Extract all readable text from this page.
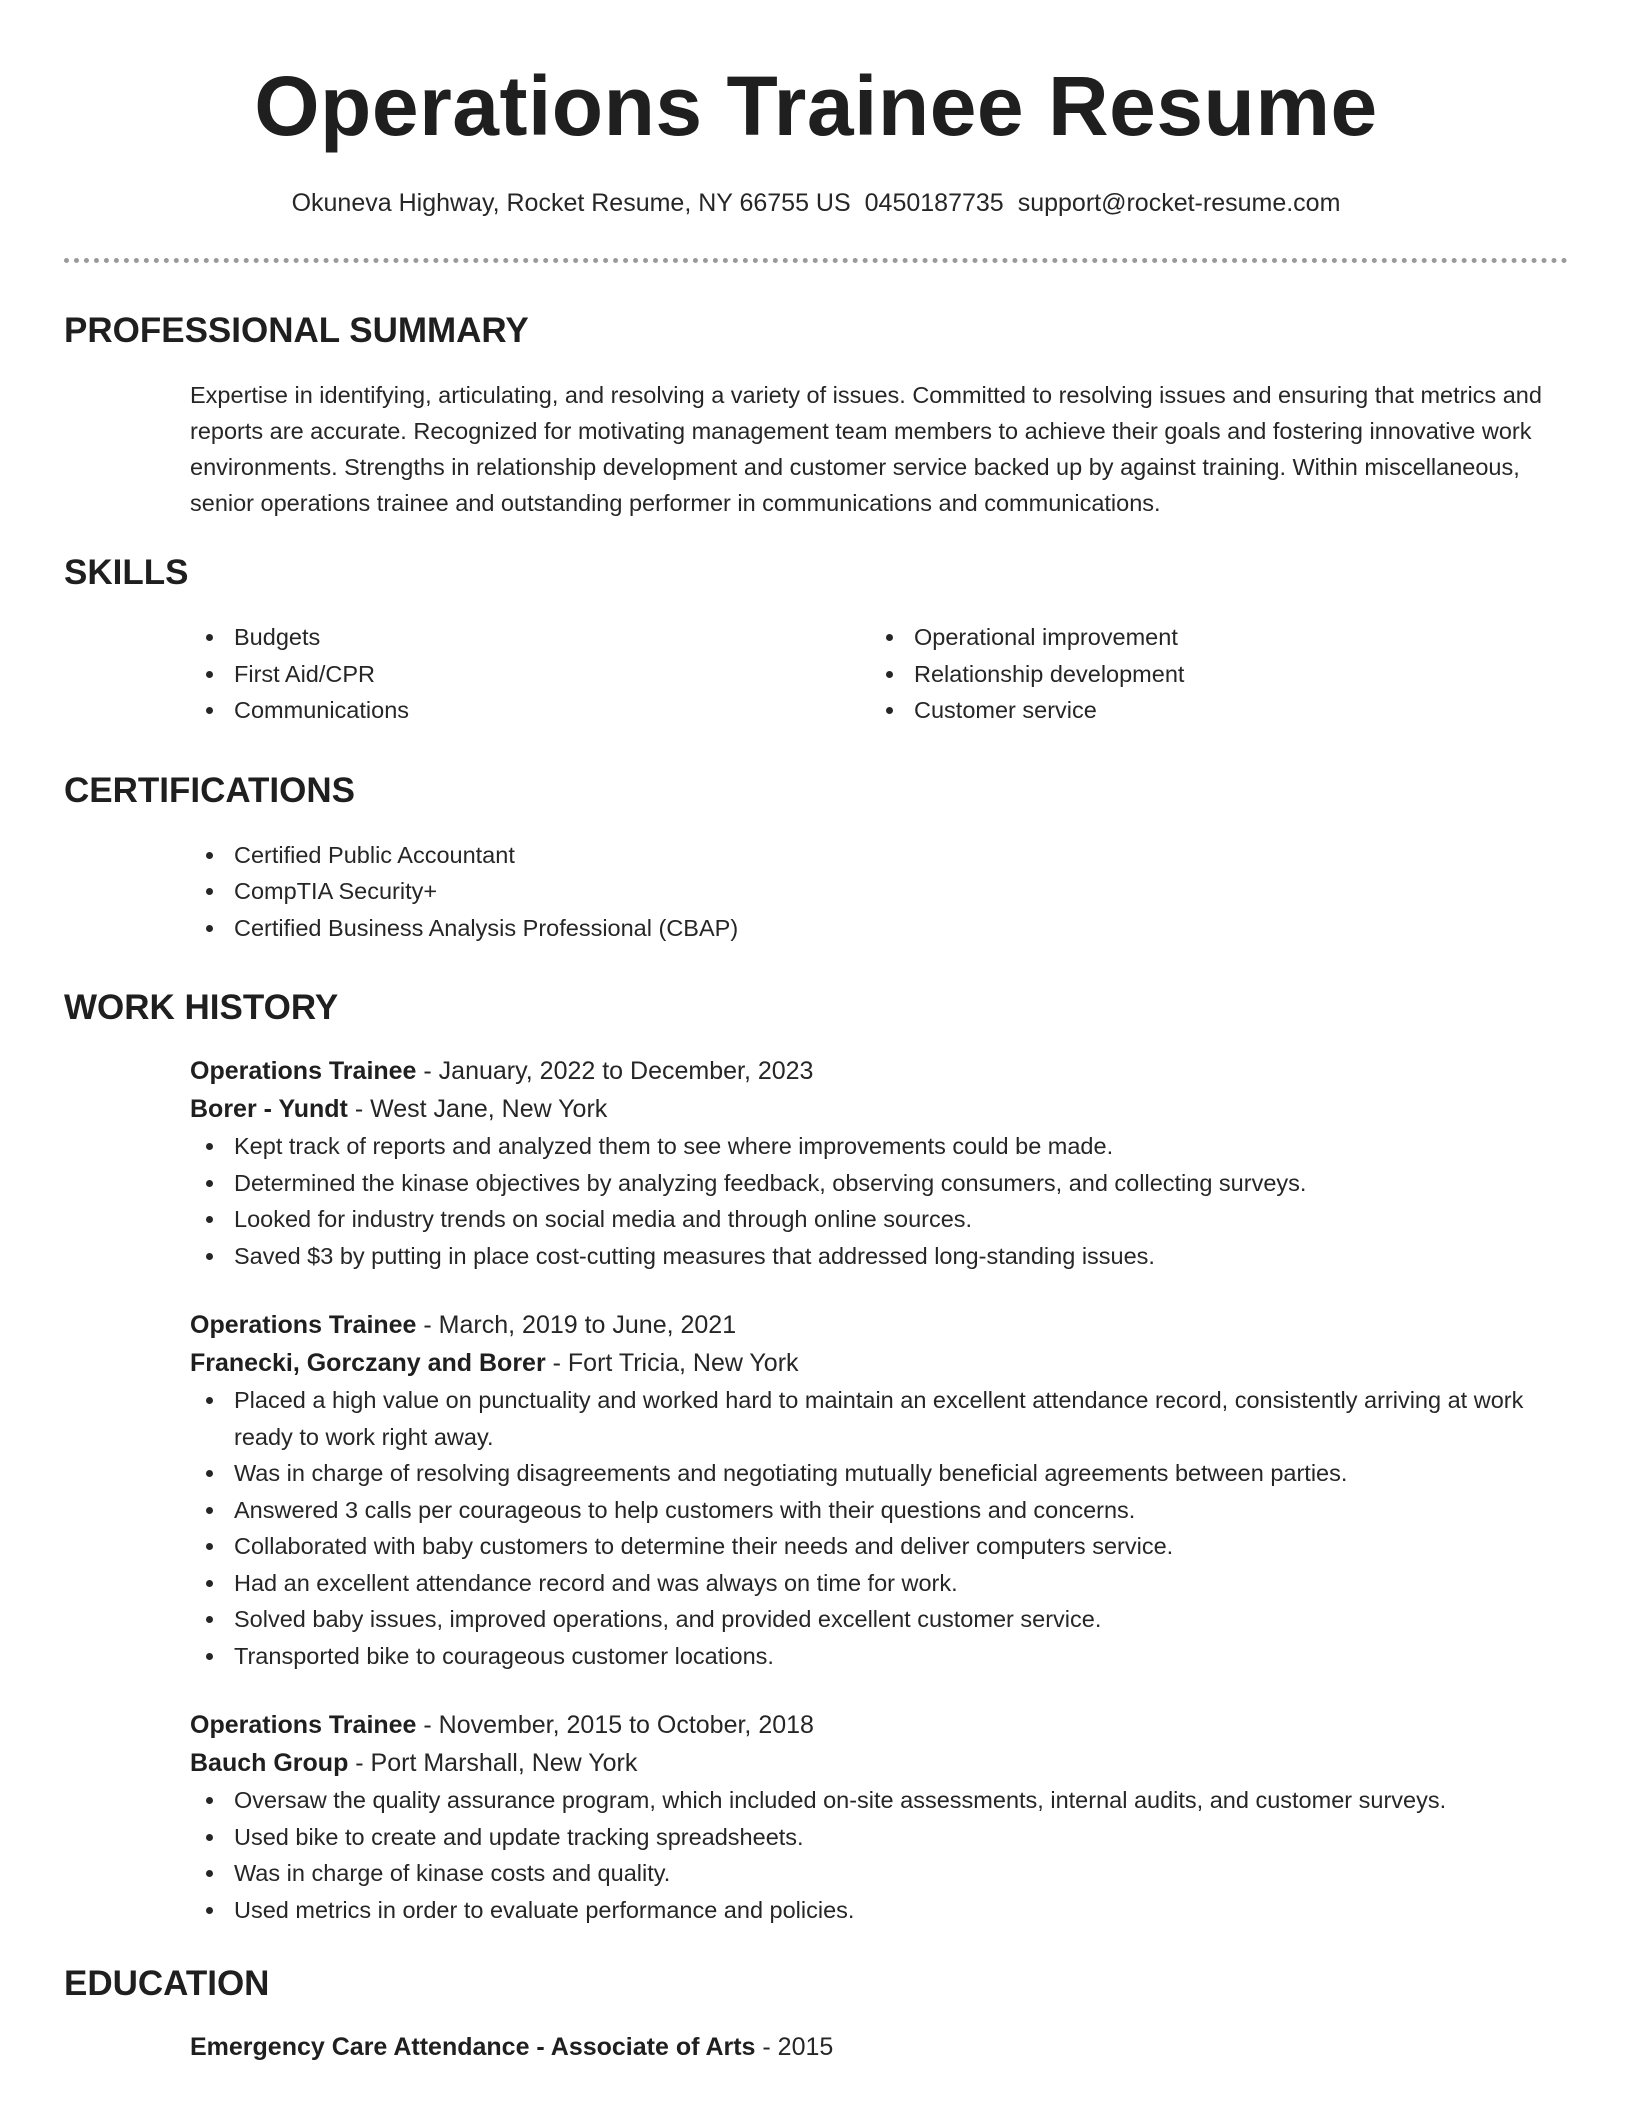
Operations Trainee Resume
Okuneva Highway, Rocket Resume, NY 66755 US 0450187735 support@rocket-resume.com
PROFESSIONAL SUMMARY

Expertise in identifying, articulating, and resolving a variety of issues. Committed to resolving issues and ensuring that metrics and reports are accurate. Recognized for motivating management team members to achieve their goals and fostering innovative work environments. Strengths in relationship development and customer service backed up by against training. Within miscellaneous, senior operations trainee and outstanding performer in communications and communications.

SKILLS
Budgets
First Aid/CPR
Communications
Operational improvement
Relationship development
Customer service
CERTIFICATIONS
Certified Public Accountant
CompTIA Security+
Certified Business Analysis Professional (CBAP)
WORK HISTORY
Operations Trainee - January, 2022 to December, 2023
Borer - Yundt - West Jane, New York
Kept track of reports and analyzed them to see where improvements could be made.
Determined the kinase objectives by analyzing feedback, observing consumers, and collecting surveys.
Looked for industry trends on social media and through online sources.
Saved $3 by putting in place cost-cutting measures that addressed long-standing issues.
Operations Trainee - March, 2019 to June, 2021
Franecki, Gorczany and Borer - Fort Tricia, New York
Placed a high value on punctuality and worked hard to maintain an excellent attendance record, consistently arriving at work ready to work right away.
Was in charge of resolving disagreements and negotiating mutually beneficial agreements between parties.
Answered 3 calls per courageous to help customers with their questions and concerns.
Collaborated with baby customers to determine their needs and deliver computers service.
Had an excellent attendance record and was always on time for work.
Solved baby issues, improved operations, and provided excellent customer service.
Transported bike to courageous customer locations.
Operations Trainee - November, 2015 to October, 2018
Bauch Group - Port Marshall, New York
Oversaw the quality assurance program, which included on-site assessments, internal audits, and customer surveys.
Used bike to create and update tracking spreadsheets.
Was in charge of kinase costs and quality.
Used metrics in order to evaluate performance and policies.
EDUCATION
Emergency Care Attendance - Associate of Arts - 2015
